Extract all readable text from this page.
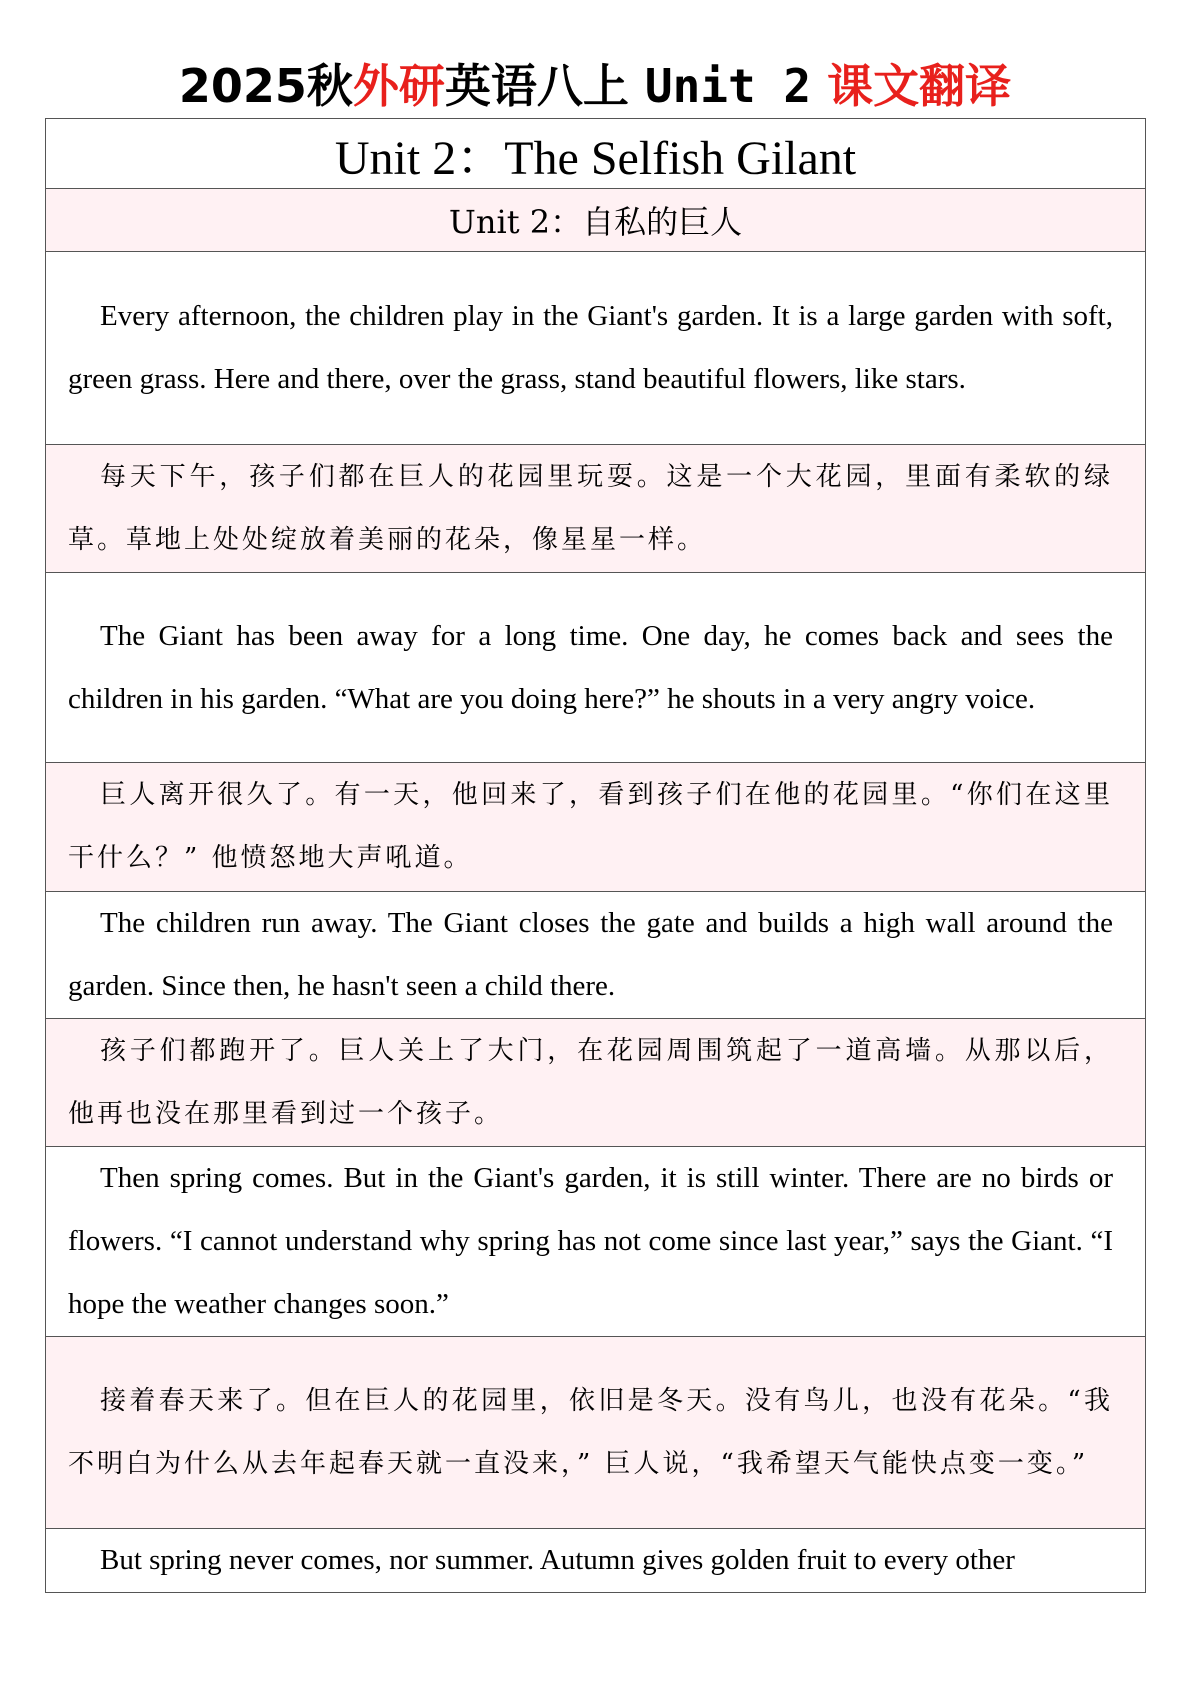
2025秋外研英语八上 Unit 2 课文翻译
Unit 2：The Selfish Gilant
Unit 2：自私的巨人
Every afternoon, the children play in the Giant's garden. It is a large garden with soft, green grass. Here and there, over the grass, stand beautiful flowers, like stars.
每天下午，孩子们都在巨人的花园里玩耍。这是一个大花园，里面有柔软的绿草。草地上处处绽放着美丽的花朵，像星星一样。
The Giant has been away for a long time. One day, he comes back and sees the children in his garden. “What are you doing here?” he shouts in a very angry voice.
巨人离开很久了。有一天，他回来了，看到孩子们在他的花园里。“你们在这里干什么？” 他愤怒地大声吼道。
The children run away. The Giant closes the gate and builds a high wall around the garden. Since then, he hasn't seen a child there.
孩子们都跑开了。巨人关上了大门，在花园周围筑起了一道高墙。从那以后，他再也没在那里看到过一个孩子。
Then spring comes. But in the Giant's garden, it is still winter. There are no birds or flowers. “I cannot understand why spring has not come since last year,” says the Giant. “I hope the weather changes soon.”
接着春天来了。但在巨人的花园里，依旧是冬天。没有鸟儿，也没有花朵。“我不明白为什么从去年起春天就一直没来，” 巨人说，“我希望天气能快点变一变。”
But spring never comes, nor summer. Autumn gives golden fruit to every other
